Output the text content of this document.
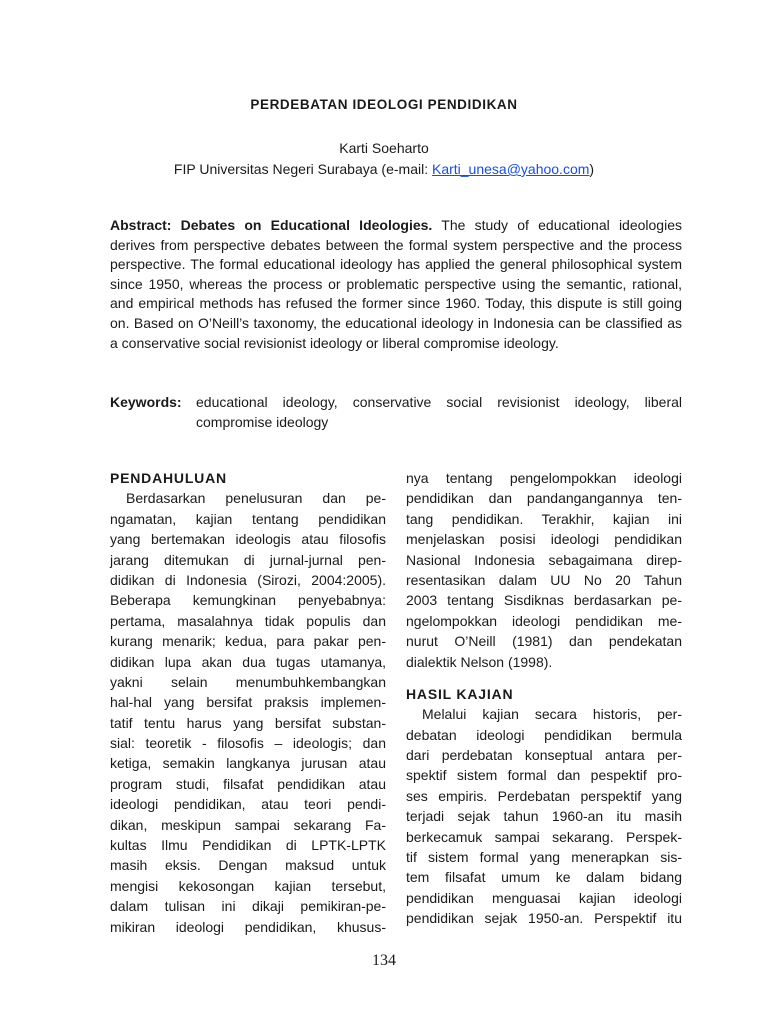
PERDEBATAN IDEOLOGI PENDIDIKAN
Karti Soeharto
FIP Universitas Negeri Surabaya (e-mail: Karti_unesa@yahoo.com)
Abstract: Debates on Educational Ideologies. The study of educational ideologies derives from perspective debates between the formal system perspective and the process perspective. The formal educational ideology has applied the general philosophical system since 1950, whereas the process or problematic perspective using the semantic, rational, and empirical methods has refused the former since 1960. Today, this dispute is still going on. Based on O’Neill’s taxonomy, the educational ideology in Indonesia can be classified as a conservative social revisionist ideology or liberal compromise ideology.
Keywords: educational ideology, conservative social revisionist ideology, liberal compromise ideology
PENDAHULUAN
Berdasarkan penelusuran dan pe-
ngamatan, kajian tentang pendidikan
yang bertemakan ideologis atau filosofis
jarang ditemukan di jurnal-jurnal pen-
didikan di Indonesia (Sirozi, 2004:2005).
Beberapa kemungkinan penyebabnya:
pertama, masalahnya tidak populis dan
kurang menarik; kedua, para pakar pen-
didikan lupa akan dua tugas utamanya,
yakni selain menumbuhkembangkan
hal-hal yang bersifat praksis implemen-
tatif tentu harus yang bersifat substan-
sial: teoretik - filosofis – ideologis; dan
ketiga, semakin langkanya jurusan atau
program studi, filsafat pendidikan atau
ideologi pendidikan, atau teori pendi-
dikan, meskipun sampai sekarang Fa-
kultas Ilmu Pendidikan di LPTK-LPTK
masih eksis. Dengan maksud untuk
mengisi kekosongan kajian tersebut,
dalam tulisan ini dikaji pemikiran-pe-
mikiran ideologi pendidikan, khusus-
nya tentang pengelompokkan ideologi
pendidikan dan pandangangannya ten-
tang pendidikan. Terakhir, kajian ini
menjelaskan posisi ideologi pendidikan
Nasional Indonesia sebagaimana direp-
resentasikan dalam UU No 20 Tahun
2003 tentang Sisdiknas berdasarkan pe-
ngelompokkan ideologi pendidikan me-
nurut O’Neill (1981) dan pendekatan
dialektik Nelson (1998).
HASIL KAJIAN
Melalui kajian secara historis, per-
debatan ideologi pendidikan bermula
dari perdebatan konseptual antara per-
spektif sistem formal dan pespektif pro-
ses empiris. Perdebatan perspektif yang
terjadi sejak tahun 1960-an itu masih
berkecamuk sampai sekarang. Perspek-
tif sistem formal yang menerapkan sis-
tem filsafat umum ke dalam bidang
pendidikan menguasai kajian ideologi
pendidikan sejak 1950-an. Perspektif itu
134
